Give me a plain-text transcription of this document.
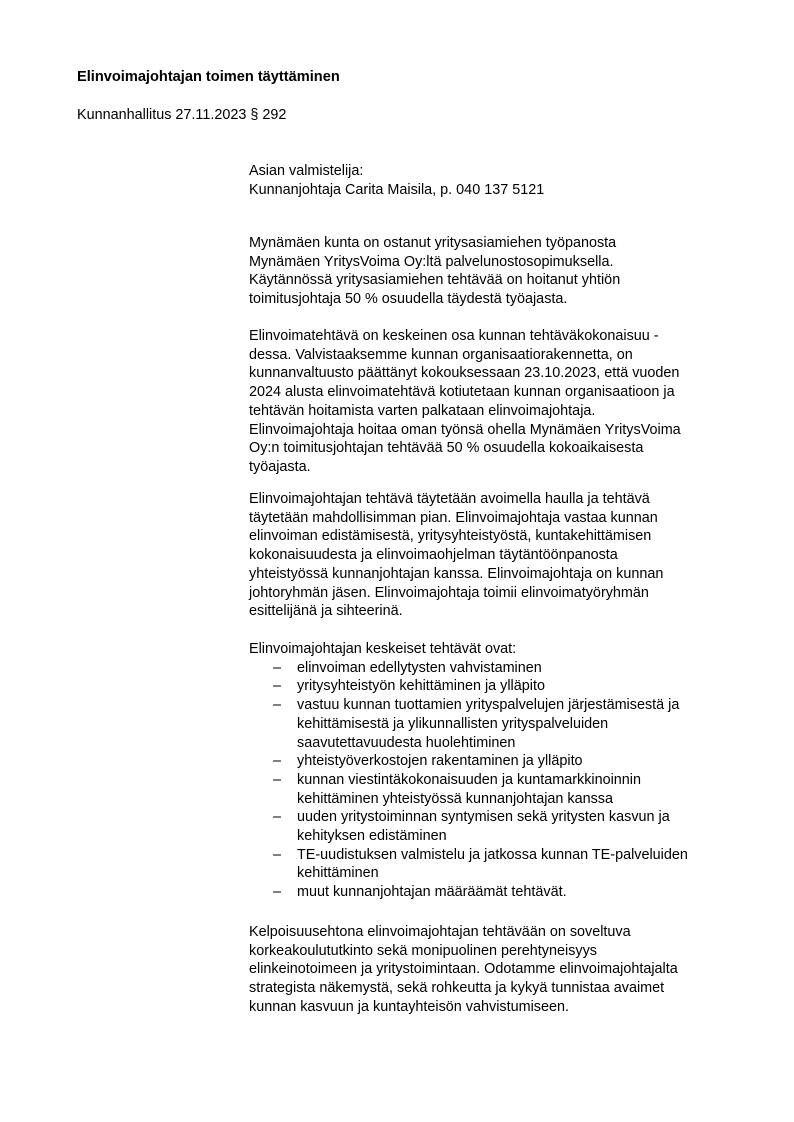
Elinvoimajohtajan toimen täyttäminen
Kunnanhallitus 27.11.2023 § 292
Asian valmistelija:
Kunnanjohtaja Carita Maisila, p. 040 137 5121
Mynämäen kunta on ostanut yritysasiamiehen työpanosta
Mynämäen YritysVoima Oy:ltä palvelunostosopimuksella.
Käytännössä yritysasiamiehen tehtävää on hoitanut yhtiön
toimitusjohtaja 50 % osuudella täydestä työajasta.
Elinvoimatehtävä on keskeinen osa kunnan tehtäväkokonaisuu -
dessa. Valvistaaksemme kunnan organisaatiorakennetta, on
kunnanvaltuusto päättänyt kokouksessaan 23.10.2023, että vuoden
2024 alusta elinvoimatehtävä kotiutetaan kunnan organisaatioon ja
tehtävän hoitamista varten palkataan elinvoimajohtaja.
Elinvoimajohtaja hoitaa oman työnsä ohella Mynämäen YritysVoima
Oy:n toimitusjohtajan tehtävää 50 % osuudella kokoaikaisesta
työajasta.
Elinvoimajohtajan tehtävä täytetään avoimella haulla ja tehtävä
täytetään mahdollisimman pian. Elinvoimajohtaja vastaa kunnan
elinvoiman edistämisestä, yritysyhteistyöstä, kuntakehittämisen
kokonaisuudesta ja elinvoimaohjelman täytäntöönpanosta
yhteistyössä kunnanjohtajan kanssa. Elinvoimajohtaja on kunnan
johtoryhmän jäsen. Elinvoimajohtaja toimii elinvoimatyöryhmän
esittelijänä ja sihteerinä.
Elinvoimajohtajan keskeiset tehtävät ovat:
– elinvoiman edellytysten vahvistaminen
– yritysyhteistyön kehittäminen ja ylläpito
– vastuu kunnan tuottamien yrityspalvelujen järjestämisestä ja
kehittämisestä ja ylikunnallisten yrityspalveluiden
saavutettavuudesta huolehtiminen
– yhteistyöverkostojen rakentaminen ja ylläpito
– kunnan viestintäkokonaisuuden ja kuntamarkkinoinnin
kehittäminen yhteistyössä kunnanjohtajan kanssa
– uuden yritystoiminnan syntymisen sekä yritysten kasvun ja
kehityksen edistäminen
– TE-uudistuksen valmistelu ja jatkossa kunnan TE-palveluiden
kehittäminen
– muut kunnanjohtajan määräämät tehtävät.
Kelpoisuusehtona elinvoimajohtajan tehtävään on soveltuva
korkeakoulututkinto sekä monipuolinen perehtyneisyys
elinkeinotoimeen ja yritystoimintaan. Odotamme elinvoimajohtajalta
strategista näkemystä, sekä rohkeutta ja kykyä tunnistaa avaimet
kunnan kasvuun ja kuntayhteisön vahvistumiseen.
